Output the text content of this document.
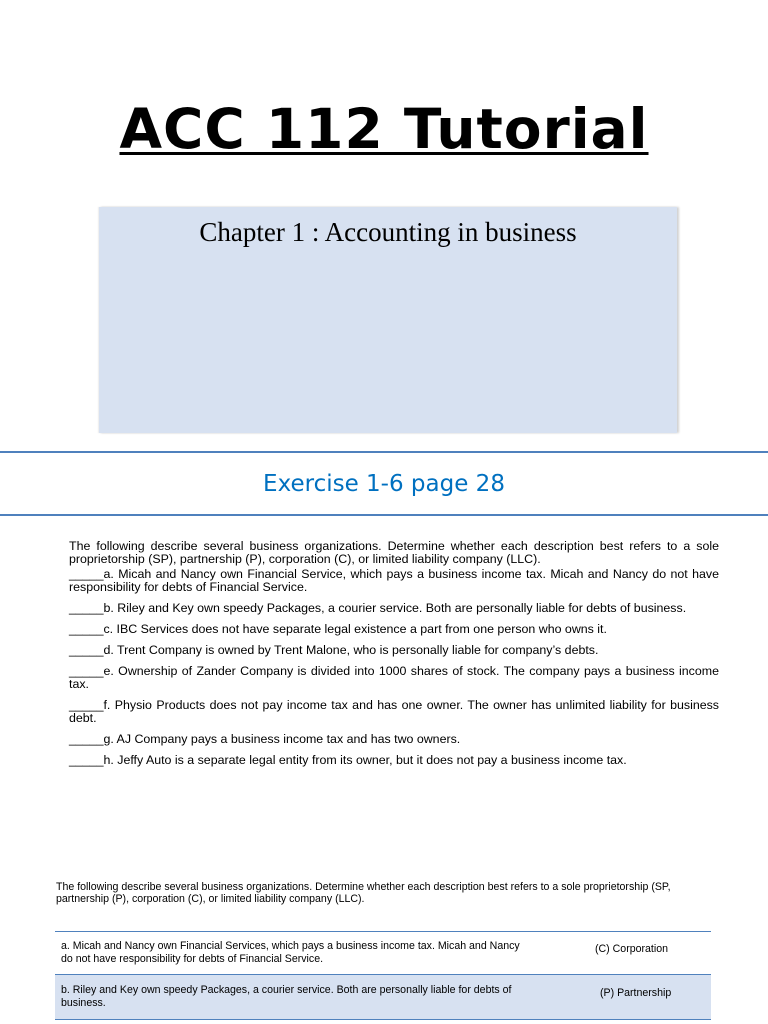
ACC 112 Tutorial
Chapter 1 : Accounting in business
Exercise 1-6 page 28

The following describe several business organizations. Determine whether each description best refers to a sole proprietorship (SP), partnership (P), corporation (C), or limited liability company (LLC).

_____a. Micah and Nancy own Financial Service, which pays a business income tax. Micah and Nancy do not have responsibility for debts of Financial Service.

_____b. Riley and Key own speedy Packages, a courier service. Both are personally liable for debts of business.

_____c. IBC Services does not have separate legal existence a part from one person who owns it.

_____d. Trent Company is owned by Trent Malone, who is personally liable for company’s debts.

_____e. Ownership of Zander Company is divided into 1000 shares of stock. The company pays a business income tax.

_____f. Physio Products does not pay income tax and has one owner. The owner has unlimited liability for business debt.

_____g. AJ Company pays a business income tax and has two owners.

_____h. Jeffy Auto is a separate legal entity from its owner, but it does not pay a business income tax.

The following describe several business organizations. Determine whether each description best refers to a sole proprietorship (SP, partnership (P), corporation (C), or limited liability company (LLC).
a. Micah and Nancy own Financial Services, which pays a business income tax. Micah and Nancy do not have responsibility for debts of Financial Service.
(C) Corporation
b. Riley and Key own speedy Packages, a courier service. Both are personally liable for debts of business.
(P) Partnership
